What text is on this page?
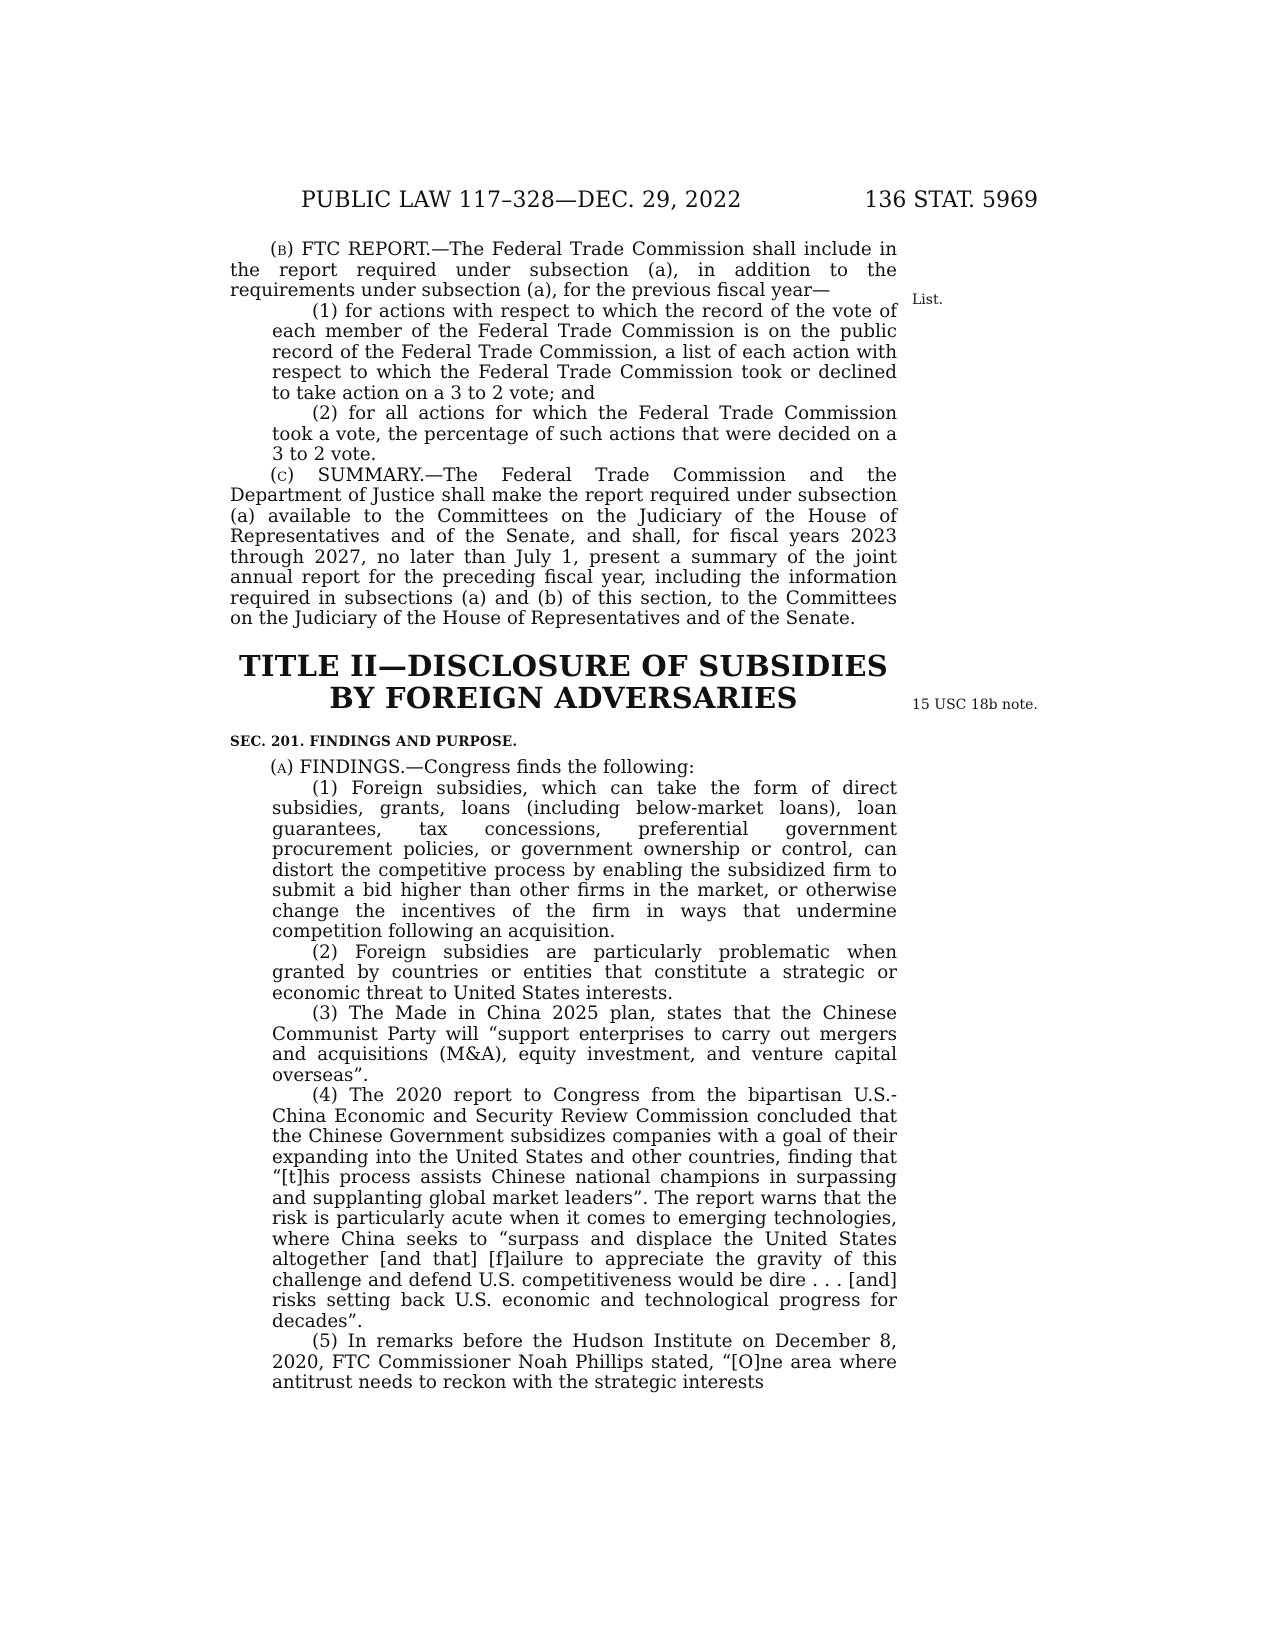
PUBLIC LAW 117–328—DEC. 29, 2022	136 STAT. 5969
List.
15 USC 18b note.

(b) FTC REPORT.—The Federal Trade Commission shall include in the report required under subsection (a), in addition to the requirements under subsection (a), for the previous fiscal year—

(1) for actions with respect to which the record of the vote of each member of the Federal Trade Commission is on the public record of the Federal Trade Commission, a list of each action with respect to which the Federal Trade Commission took or declined to take action on a 3 to 2 vote; and

(2) for all actions for which the Federal Trade Commission took a vote, the percentage of such actions that were decided on a 3 to 2 vote.

(c) SUMMARY.—The Federal Trade Commission and the Department of Justice shall make the report required under subsection (a) available to the Committees on the Judiciary of the House of Representatives and of the Senate, and shall, for fiscal years 2023 through 2027, no later than July 1, present a summary of the joint annual report for the preceding fiscal year, including the information required in subsections (a) and (b) of this section, to the Committees on the Judiciary of the House of Representatives and of the Senate.

TITLE II—DISCLOSURE OF SUBSIDIES
BY FOREIGN ADVERSARIES
SEC. 201. FINDINGS AND PURPOSE.

(a) FINDINGS.—Congress finds the following:

(1) Foreign subsidies, which can take the form of direct subsidies, grants, loans (including below-market loans), loan guarantees, tax concessions, preferential government procurement policies, or government ownership or control, can distort the competitive process by enabling the subsidized firm to submit a bid higher than other firms in the market, or otherwise change the incentives of the firm in ways that undermine competition following an acquisition.

(2) Foreign subsidies are particularly problematic when granted by countries or entities that constitute a strategic or economic threat to United States interests.

(3) The Made in China 2025 plan, states that the Chinese Communist Party will “support enterprises to carry out mergers and acquisitions (M&A), equity investment, and venture capital overseas”.

(4) The 2020 report to Congress from the bipartisan U.S.-China Economic and Security Review Commission concluded that the Chinese Government subsidizes companies with a goal of their expanding into the United States and other countries, finding that “[t]his process assists Chinese national champions in surpassing and supplanting global market leaders”. The report warns that the risk is particularly acute when it comes to emerging technologies, where China seeks to “surpass and displace the United States altogether [and that] [f]ailure to appreciate the gravity of this challenge and defend U.S. competitiveness would be dire . . . [and] risks setting back U.S. economic and technological progress for decades”.

(5) In remarks before the Hudson Institute on December 8, 2020, FTC Commissioner Noah Phillips stated, “[O]ne area where antitrust needs to reckon with the strategic interests
